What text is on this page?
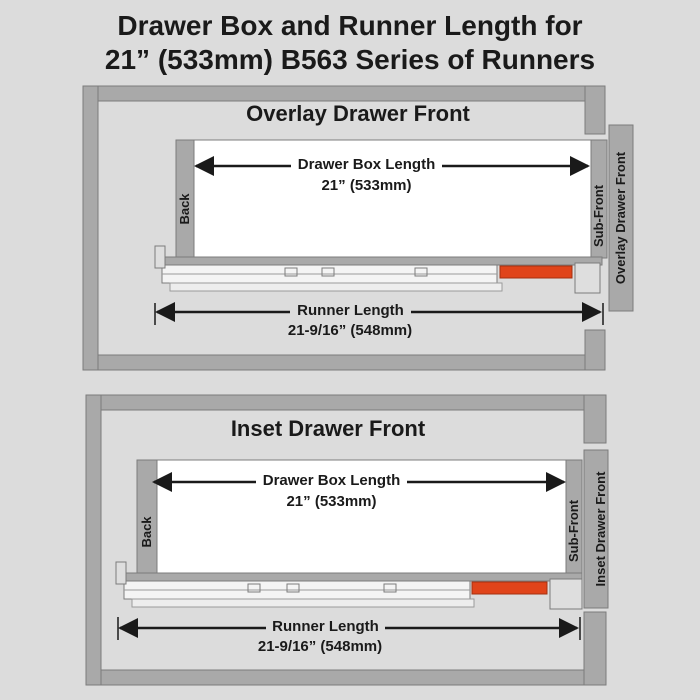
Drawer Box and Runner Length for
21” (533mm) B563 Series of Runners
Overlay Drawer Front
Drawer Box Length
21” (533mm)
Runner Length
21-9/16” (548mm)
Back	Sub-Front Overlay Drawer Front
Inset Drawer Front
Drawer Box Length
21” (533mm)
Runner Length
21-9/16” (548mm)
Back	Sub-Front Inset Drawer Front
